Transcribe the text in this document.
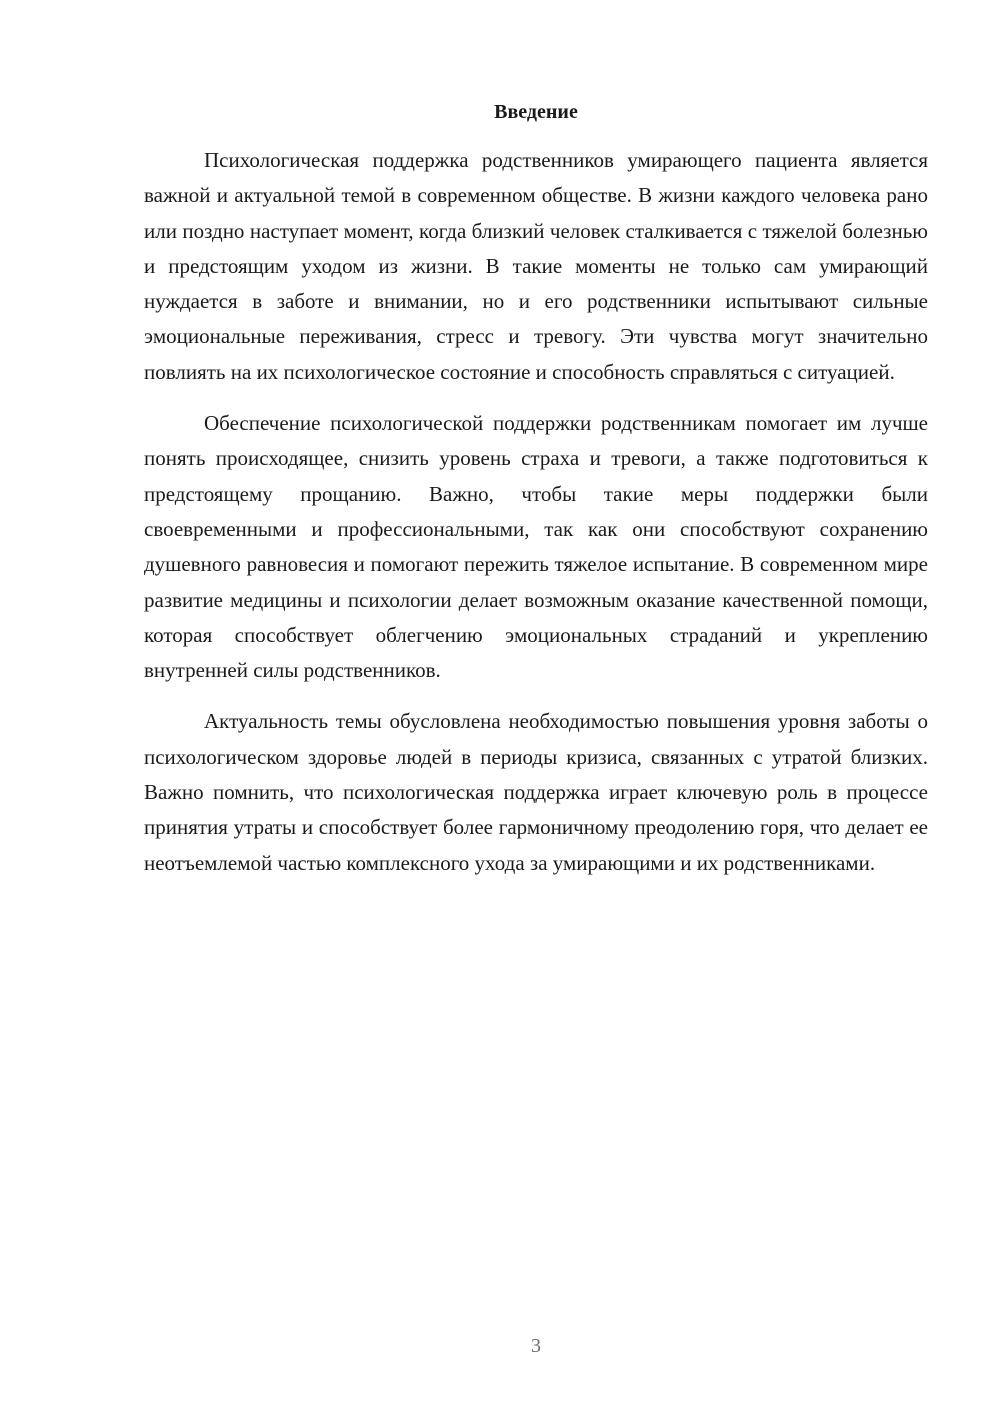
Введение

Психологическая поддержка родственников умирающего пациента является важной и актуальной темой в современном обществе. В жизни каждого человека рано или поздно наступает момент, когда близкий человек сталкивается с тяжелой болезнью и предстоящим уходом из жизни. В такие моменты не только сам умирающий нуждается в заботе и внимании, но и его родственники испытывают сильные эмоциональные переживания, стресс и тревогу. Эти чувства могут значительно повлиять на их психологическое состояние и способность справляться с ситуацией.

Обеспечение психологической поддержки родственникам помогает им лучше понять происходящее, снизить уровень страха и тревоги, а также подготовиться к предстоящему прощанию. Важно, чтобы такие меры поддержки были своевременными и профессиональными, так как они способствуют сохранению душевного равновесия и помогают пережить тяжелое испытание. В современном мире развитие медицины и психологии делает возможным оказание качественной помощи, которая способствует облегчению эмоциональных страданий и укреплению внутренней силы родственников.

Актуальность темы обусловлена необходимостью повышения уровня заботы о психологическом здоровье людей в периоды кризиса, связанных с утратой близких. Важно помнить, что психологическая поддержка играет ключевую роль в процессе принятия утраты и способствует более гармоничному преодолению горя, что делает ее неотъемлемой частью комплексного ухода за умирающими и их родственниками.

3
